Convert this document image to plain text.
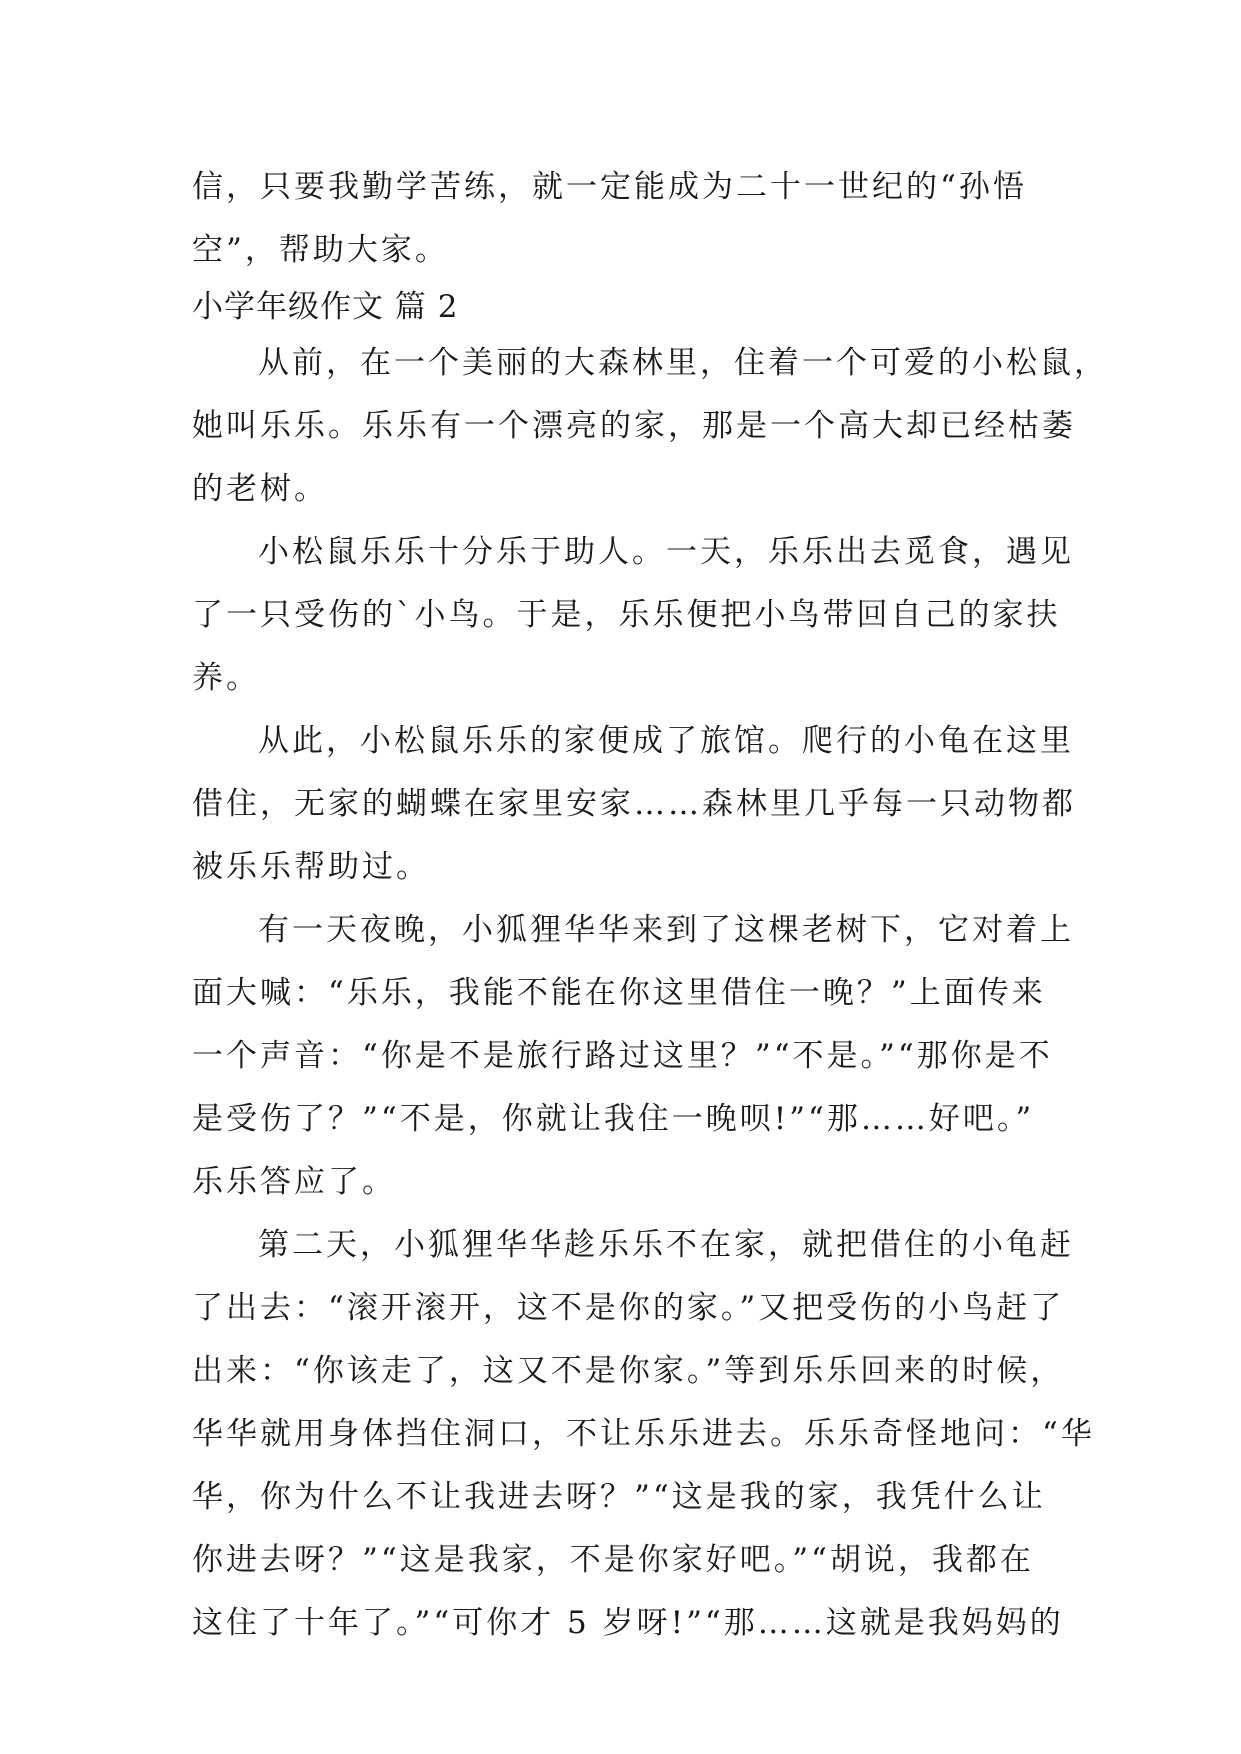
信，只要我勤学苦练，就一定能成为二十一世纪的“孙悟
空”，帮助大家。
小学年级作文 篇 2
从前，在一个美丽的大森林里，住着一个可爱的小松鼠，
她叫乐乐。乐乐有一个漂亮的家，那是一个高大却已经枯萎
的老树。
小松鼠乐乐十分乐于助人。一天，乐乐出去觅食，遇见
了一只受伤的`小鸟。于是，乐乐便把小鸟带回自己的家扶
养。
从此，小松鼠乐乐的家便成了旅馆。爬行的小龟在这里
借住，无家的蝴蝶在家里安家……森林里几乎每一只动物都
被乐乐帮助过。
有一天夜晚，小狐狸华华来到了这棵老树下，它对着上
面大喊：“乐乐，我能不能在你这里借住一晚？”上面传来
一个声音：“你是不是旅行路过这里？”“不是。”“那你是不
是受伤了？”“不是，你就让我住一晚呗!”“那……好吧。”
乐乐答应了。
第二天，小狐狸华华趁乐乐不在家，就把借住的小龟赶
了出去：“滚开滚开，这不是你的家。”又把受伤的小鸟赶了
出来：“你该走了，这又不是你家。”等到乐乐回来的时候，
华华就用身体挡住洞口，不让乐乐进去。乐乐奇怪地问：“华
华，你为什么不让我进去呀？”“这是我的家，我凭什么让
你进去呀？”“这是我家，不是你家好吧。”“胡说，我都在
这住了十年了。”“可你才 5 岁呀!”“那……这就是我妈妈的
